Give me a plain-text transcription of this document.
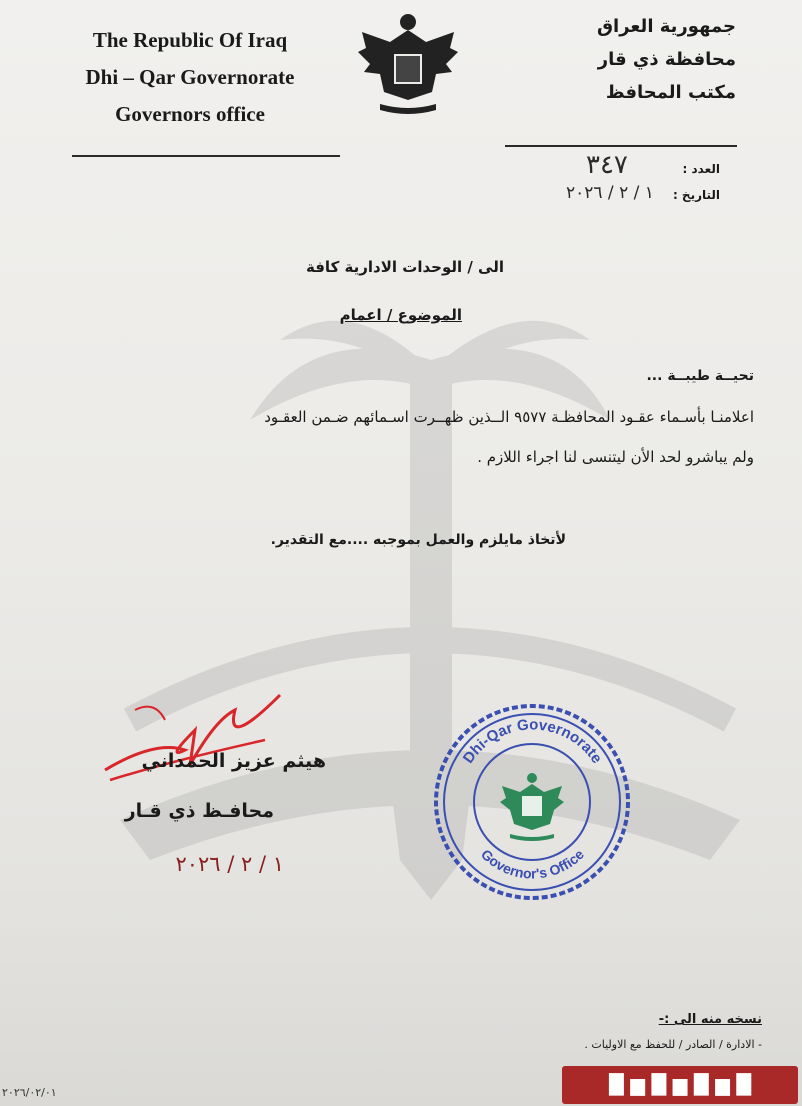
The Republic Of Iraq
Dhi – Qar Governorate
Governors office
جمهورية العراق
محافظة ذي قار
مكتب المحافظ
العدد :
٣٤٧
التاريخ :
١ / ٢ / ٢٠٢٦
الى / الوحدات الادارية كافة
الموضوع / اعمام
تحيــة طيبــة ...
اعلامنـا بأسـماء عقـود المحافظـة ٩٥٧٧ الــذين ظهــرت اسـمائهم ضـمن العقـود
ولم يباشرو لحد الأن ليتنسى لنا اجراء اللازم .
لأتخاذ مايلزم والعمل بموجبه ....مع التقدير.
هيثم عزيز الحمداني
محافـظ ذي قـار
١ / ٢ / ٢٠٢٦
Dhi-Qar Governorate
Governor's Office
نسخه منه الى :-
- الادارة / الصادر / للحفظ مع الاوليات .
٢٠٢٦/٠٢/٠١	█ ▆ █ ▆ █ ▆ █
